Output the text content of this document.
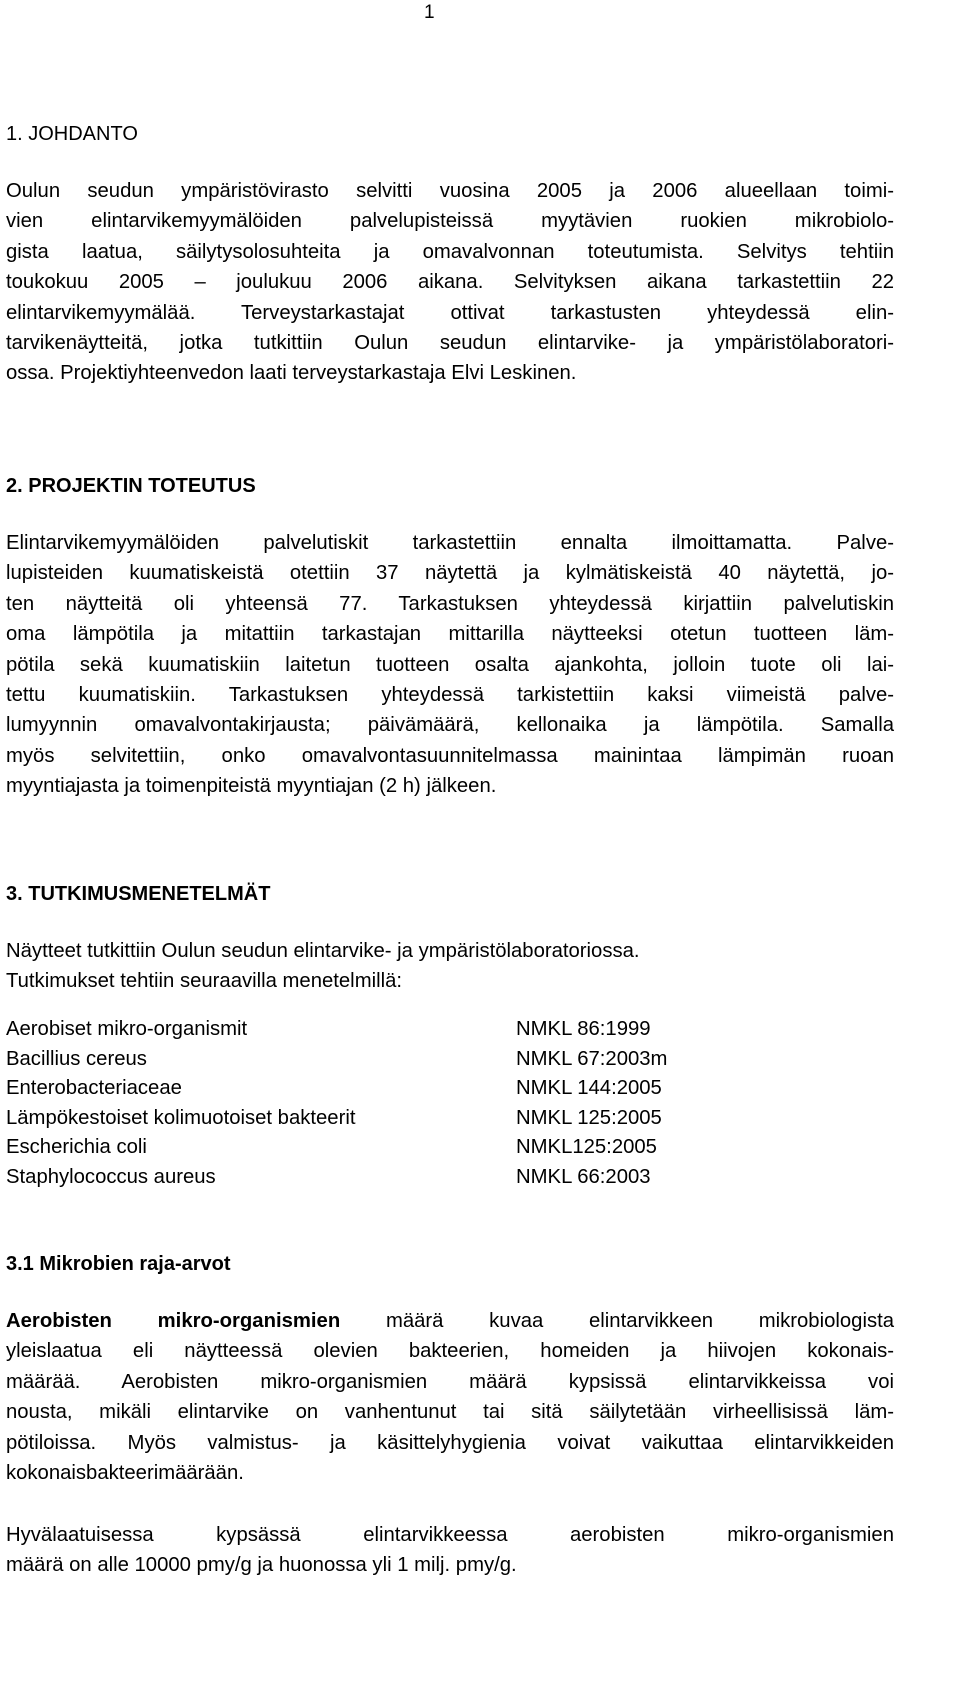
1
1. JOHDANTO
Oulun seudun ympäristövirasto selvitti vuosina 2005 ja 2006 alueellaan toimi-
vien elintarvikemyymälöiden palvelupisteissä myytävien ruokien mikrobiolo-
gista laatua, säilytysolosuhteita ja omavalvonnan toteutumista. Selvitys tehtiin
toukokuu 2005 – joulukuu 2006 aikana. Selvityksen aikana tarkastettiin 22
elintarvikemyymälää. Terveystarkastajat ottivat tarkastusten yhteydessä elin-
tarvikenäytteitä, jotka tutkittiin Oulun seudun elintarvike- ja ympäristölaboratori-
ossa. Projektiyhteenvedon laati terveystarkastaja Elvi Leskinen.
2. PROJEKTIN TOTEUTUS
Elintarvikemyymälöiden palvelutiskit tarkastettiin ennalta ilmoittamatta. Palve-
lupisteiden kuumatiskeistä otettiin 37 näytettä ja kylmätiskeistä 40 näytettä, jo-
ten näytteitä oli yhteensä 77. Tarkastuksen yhteydessä kirjattiin palvelutiskin
oma lämpötila ja mitattiin tarkastajan mittarilla näytteeksi otetun tuotteen läm-
pötila sekä kuumatiskiin laitetun tuotteen osalta ajankohta, jolloin tuote oli lai-
tettu kuumatiskiin. Tarkastuksen yhteydessä tarkistettiin kaksi viimeistä palve-
lumyynnin omavalvontakirjausta; päivämäärä, kellonaika ja lämpötila. Samalla
myös selvitettiin, onko omavalvontasuunnitelmassa mainintaa lämpimän ruoan
myyntiajasta ja toimenpiteistä myyntiajan (2 h) jälkeen.
3. TUTKIMUSMENETELMÄT
Näytteet tutkittiin Oulun seudun elintarvike- ja ympäristölaboratoriossa.
Tutkimukset tehtiin seuraavilla menetelmillä:
Aerobiset mikro-organismit	NMKL 86:1999
Bacillius cereus	NMKL 67:2003m
Enterobacteriaceae	NMKL 144:2005
Lämpökestoiset kolimuotoiset bakteerit	NMKL 125:2005
Escherichia coli	NMKL125:2005
Staphylococcus aureus	NMKL 66:2003
3.1 Mikrobien raja-arvot
Aerobisten mikro-organismien määrä kuvaa elintarvikkeen mikrobiologista
yleislaatua eli näytteessä olevien bakteerien, homeiden ja hiivojen kokonais-
määrää. Aerobisten mikro-organismien määrä kypsissä elintarvikkeissa voi
nousta, mikäli elintarvike on vanhentunut tai sitä säilytetään virheellisissä läm-
pötiloissa. Myös valmistus- ja käsittelyhygienia voivat vaikuttaa elintarvikkeiden
kokonaisbakteerimäärään.
Hyvälaatuisessa kypsässä elintarvikkeessa aerobisten mikro-organismien
määrä on alle 10000 pmy/g ja huonossa yli 1 milj. pmy/g.
